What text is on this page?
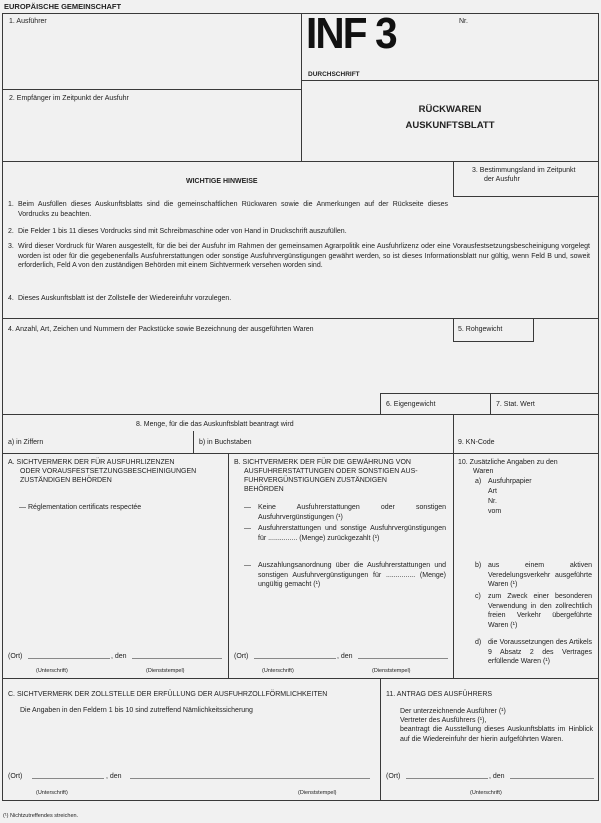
EUROPÄISCHE GEMEINSCHAFT
1. Ausführer
2. Empfänger im Zeitpunkt der Ausfuhr
INF 3	Nr.
DURCHSCHRIFT
RÜCKWAREN
AUSKUNFTSBLATT
WICHTIGE HINWEISE
3. Bestimmungsland im Zeitpunkt
der Ausfuhr
1. Beim Ausfüllen dieses Auskunftsblatts sind die gemeinschaftlichen Rückwaren sowie die Anmerkungen auf der Rückseite dieses Vordrucks zu beachten.
2. Die Felder 1 bis 11 dieses Vordrucks sind mit Schreibmaschine oder von Hand in Druckschrift auszufüllen.
3. Wird dieser Vordruck für Waren ausgestellt, für die bei der Ausfuhr im Rahmen der gemeinsamen Agrarpolitik eine Ausfuhrlizenz oder eine Vorausfestsetzungsbescheinigung vorgelegt worden ist oder für die gegebenenfalls Ausfuhrerstattungen oder sonstige Ausfuhrvergünstigungen gewährt werden, so ist dieses Informationsblatt nur gültig, wenn Feld B und, soweit erforderlich, Feld A von den zuständigen Behörden mit einem Sichtvermerk versehen worden sind.
4. Dieses Auskunftsblatt ist der Zollstelle der Wiedereinfuhr vorzulegen.
4. Anzahl, Art, Zeichen und Nummern der Packstücke sowie Bezeichnung der ausgeführten Waren	5. Rohgewicht
6. Eigengewicht	7. Stat. Wert
8. Menge, für die das Auskunftsblatt beantragt wird
a) in Ziffern	b) in Buchstaben	9. KN-Code
A. SICHTVERMERK DER FÜR AUSFUHRLIZENZEN
ODER VORAUSFESTSETZUNGSBESCHEINIGUNGEN
ZUSTÄNDIGEN BEHÖRDEN
— Réglementation certificats respectée
(Ort)	, den
(Unterschrift)	(Dienststempel)
B. SICHTVERMERK DER FÜR DIE GEWÄHRUNG VON
AUSFUHRERSTATTUNGEN ODER SONSTIGEN AUS-
FUHRVERGÜNSTIGUNGEN ZUSTÄNDIGEN
BEHÖRDEN
— Keine Ausfuhrerstattungen oder sonstigen Ausfuhrvergünstigungen (¹)
— Ausfuhrerstattungen und sonstige Ausfuhrvergünstigungen für ............... (Menge) zurückgezahlt (¹)
— Auszahlungsanordnung über die Ausfuhrerstattungen und sonstigen Ausfuhrvergünstigungen für ............... (Menge) ungültig gemacht (¹)
(Ort)	, den
(Unterschrift)	(Dienststempel)
10. Zusätzliche Angaben zu den
Waren
a) Ausfuhrpapier
Art
Nr.
vom
b) aus einem aktiven Veredelungsverkehr ausgeführte Waren (¹)
c) zum Zweck einer besonderen Verwendung in den zollrechtlich freien Verkehr übergeführte Waren (¹)
d) die Voraussetzungen des Artikels 9 Absatz 2 des Vertrages erfüllende Waren (¹)
C. SICHTVERMERK DER ZOLLSTELLE DER ERFÜLLUNG DER AUSFUHRZOLLFÖRMLICHKEITEN
Die Angaben in den Feldern 1 bis 10 sind zutreffend Nämlichkeitssicherung
(Ort)	, den
(Unterschrift)	(Dienststempel)
11. ANTRAG DES AUSFÜHRERS
Der unterzeichnende Ausführer (¹)
Vertreter des Ausführers (¹),
beantragt die Ausstellung dieses Auskunftsblatts im Hinblick auf die Wiedereinfuhr der hierin aufgeführten Waren.
(Ort)	, den
(Unterschrift)
(¹) Nichtzutreffendes streichen.
